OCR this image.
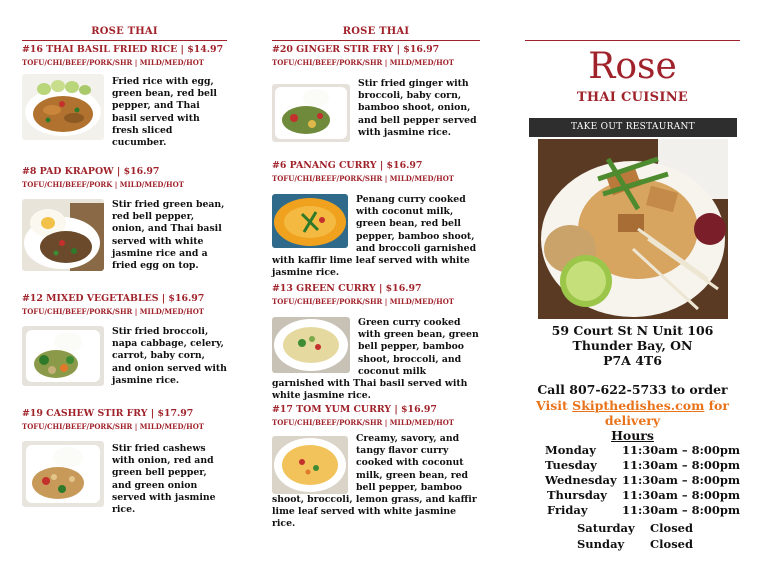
ROSE THAI
#16 THAI BASIL FRIED RICE | $14.97
TOFU/CHI/BEEF/PORK/SHR | MILD/MED/HOT
Fried rice with egg, green bean, red bell pepper, and Thai basil served with fresh sliced cucumber.
#8 PAD KRAPOW | $16.97
TOFU/CHI/BEEF/PORK | MILD/MED/HOT
Stir fried green bean, red bell pepper, onion, and Thai basil served with white jasmine rice and a fried egg on top.
#12 MIXED VEGETABLES | $16.97
TOFU/CHI/BEEF/PORK/SHR | MILD/MED/HOT
Stir fried broccoli, napa cabbage, celery, carrot, baby corn, and onion served with jasmine rice.
#19 CASHEW STIR FRY | $17.97
TOFU/CHI/BEEF/PORK/SHR | MILD/MED/HOT
Stir fried cashews with onion, red and green bell pepper, and green onion served with jasmine rice.
ROSE THAI
#20 GINGER STIR FRY | $16.97
TOFU/CHI/BEEF/PORK/SHR | MILD/MED/HOT
Stir fried ginger with broccoli, baby corn, bamboo shoot, onion, and bell pepper served with jasmine rice.
#6 PANANG CURRY | $16.97
TOFU/CHI/BEEF/PORK/SHR | MILD/MED/HOT
Penang curry cooked with coconut milk, green bean, red bell pepper, bamboo shoot, and broccoli garnished with kaffir lime leaf served with white jasmine rice.
#13 GREEN CURRY | $16.97
TOFU/CHI/BEEF/PORK/SHR | MILD/MED/HOT
Green curry cooked with green bean, green bell pepper, bamboo shoot, broccoli, and coconut milk garnished with Thai basil served with white jasmine rice.
#17 TOM YUM CURRY | $16.97
TOFU/CHI/BEEF/PORK/SHR | MILD/MED/HOT
Creamy, savory, and tangy flavor curry cooked with coconut milk, green bean, red bell pepper, bamboo shoot, broccoli, lemon grass, and kaffir lime leaf served with white jasmine rice.
Rose
THAI CUISINE
TAKE OUT RESTAURANT
59 Court St N Unit 106
Thunder Bay, ON
P7A 4T6
Call 807-622-5733 to order
Visit Skipthedishes.com for delivery
Hours
Monday 11:30am – 8:00pm
Tuesday 11:30am – 8:00pm
Wednesday 11:30am – 8:00pm
Thursday 11:30am – 8:00pm
Friday	11:30am – 8:00pm
Saturday Closed
Sunday Closed
